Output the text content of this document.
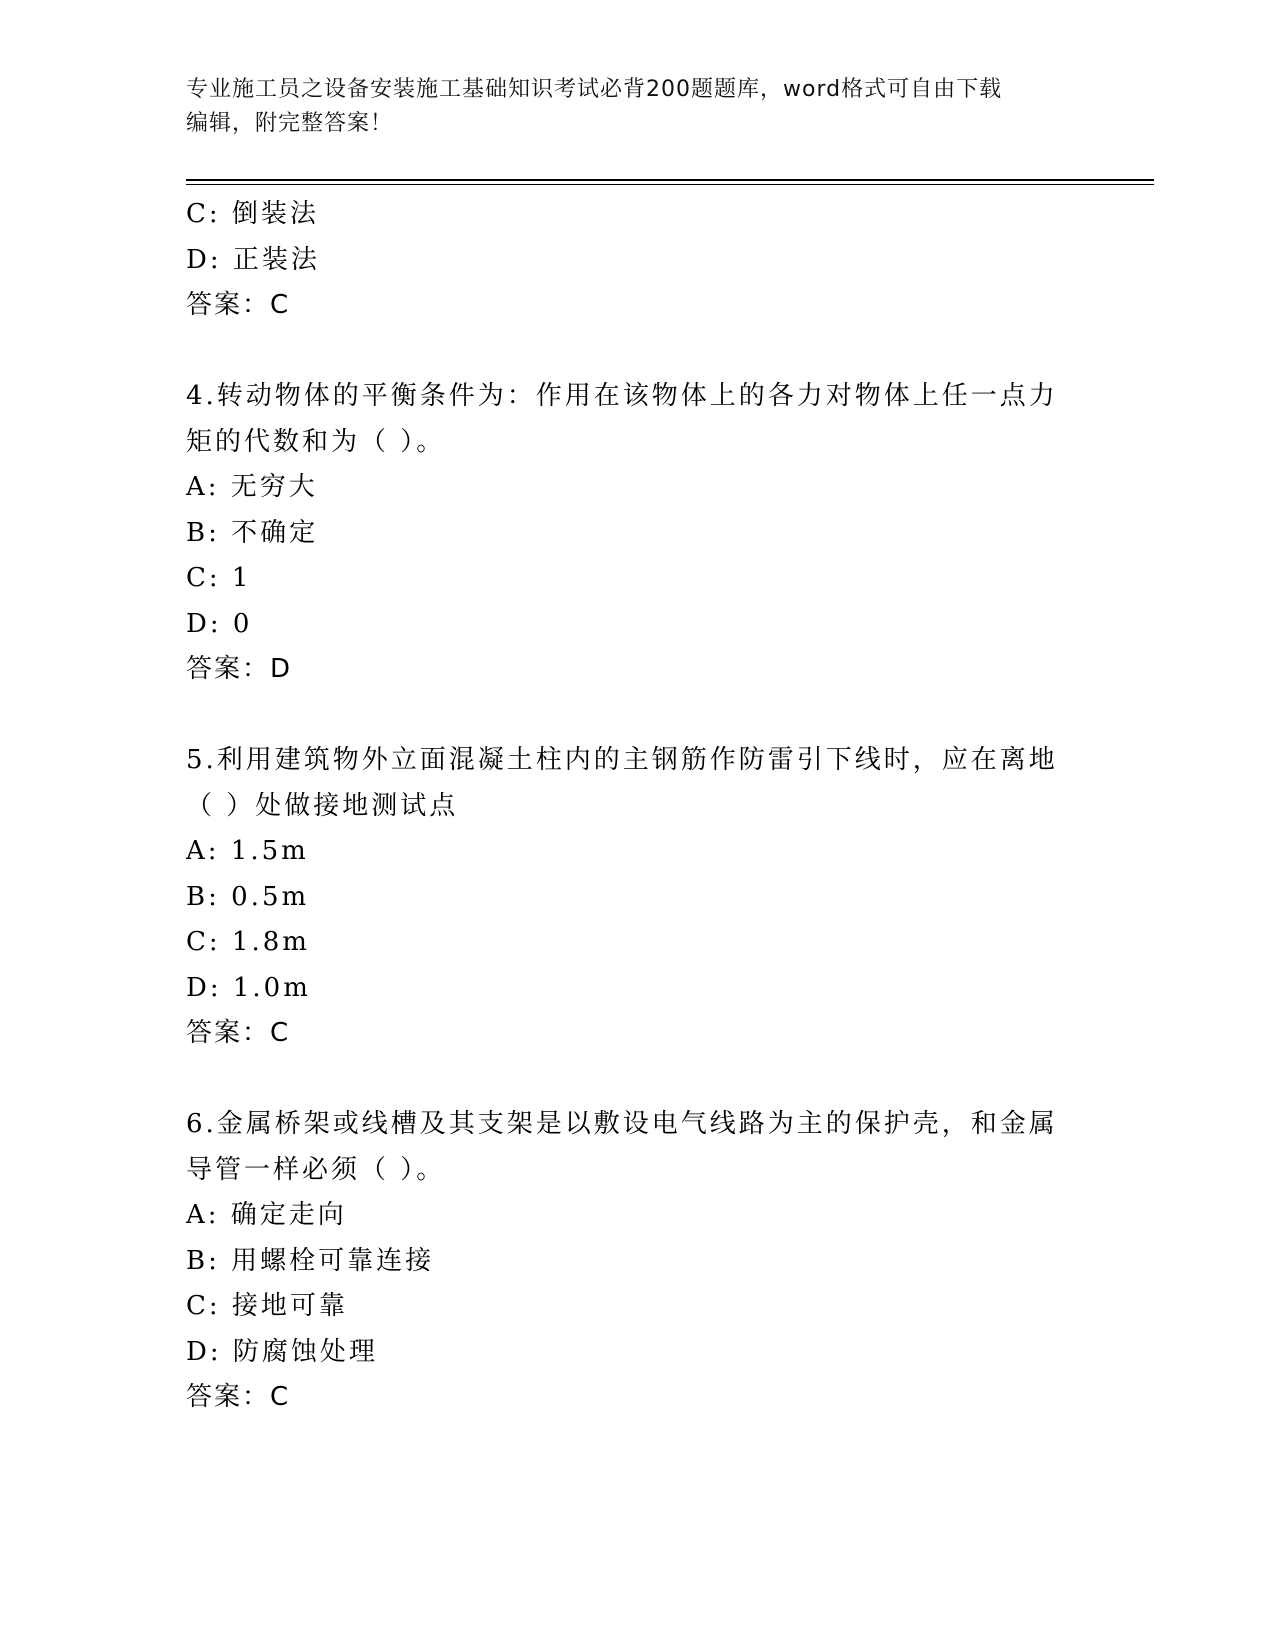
专业施工员之设备安装施工基础知识考试必背200题题库，word格式可自由下载
编辑，附完整答案！
C: 倒装法
D: 正装法
答案：C
4.转动物体的平衡条件为：作用在该物体上的各力对物体上任一点力
矩的代数和为（ ）。
A: 无穷大
B: 不确定
C: 1
D: 0
答案：D
5.利用建筑物外立面混凝土柱内的主钢筋作防雷引下线时，应在离地
（ ）处做接地测试点
A: 1.5m
B: 0.5m
C: 1.8m
D: 1.0m
答案：C
6.金属桥架或线槽及其支架是以敷设电气线路为主的保护壳，和金属
导管一样必须（ ）。
A: 确定走向
B: 用螺栓可靠连接
C: 接地可靠
D: 防腐蚀处理
答案：C
